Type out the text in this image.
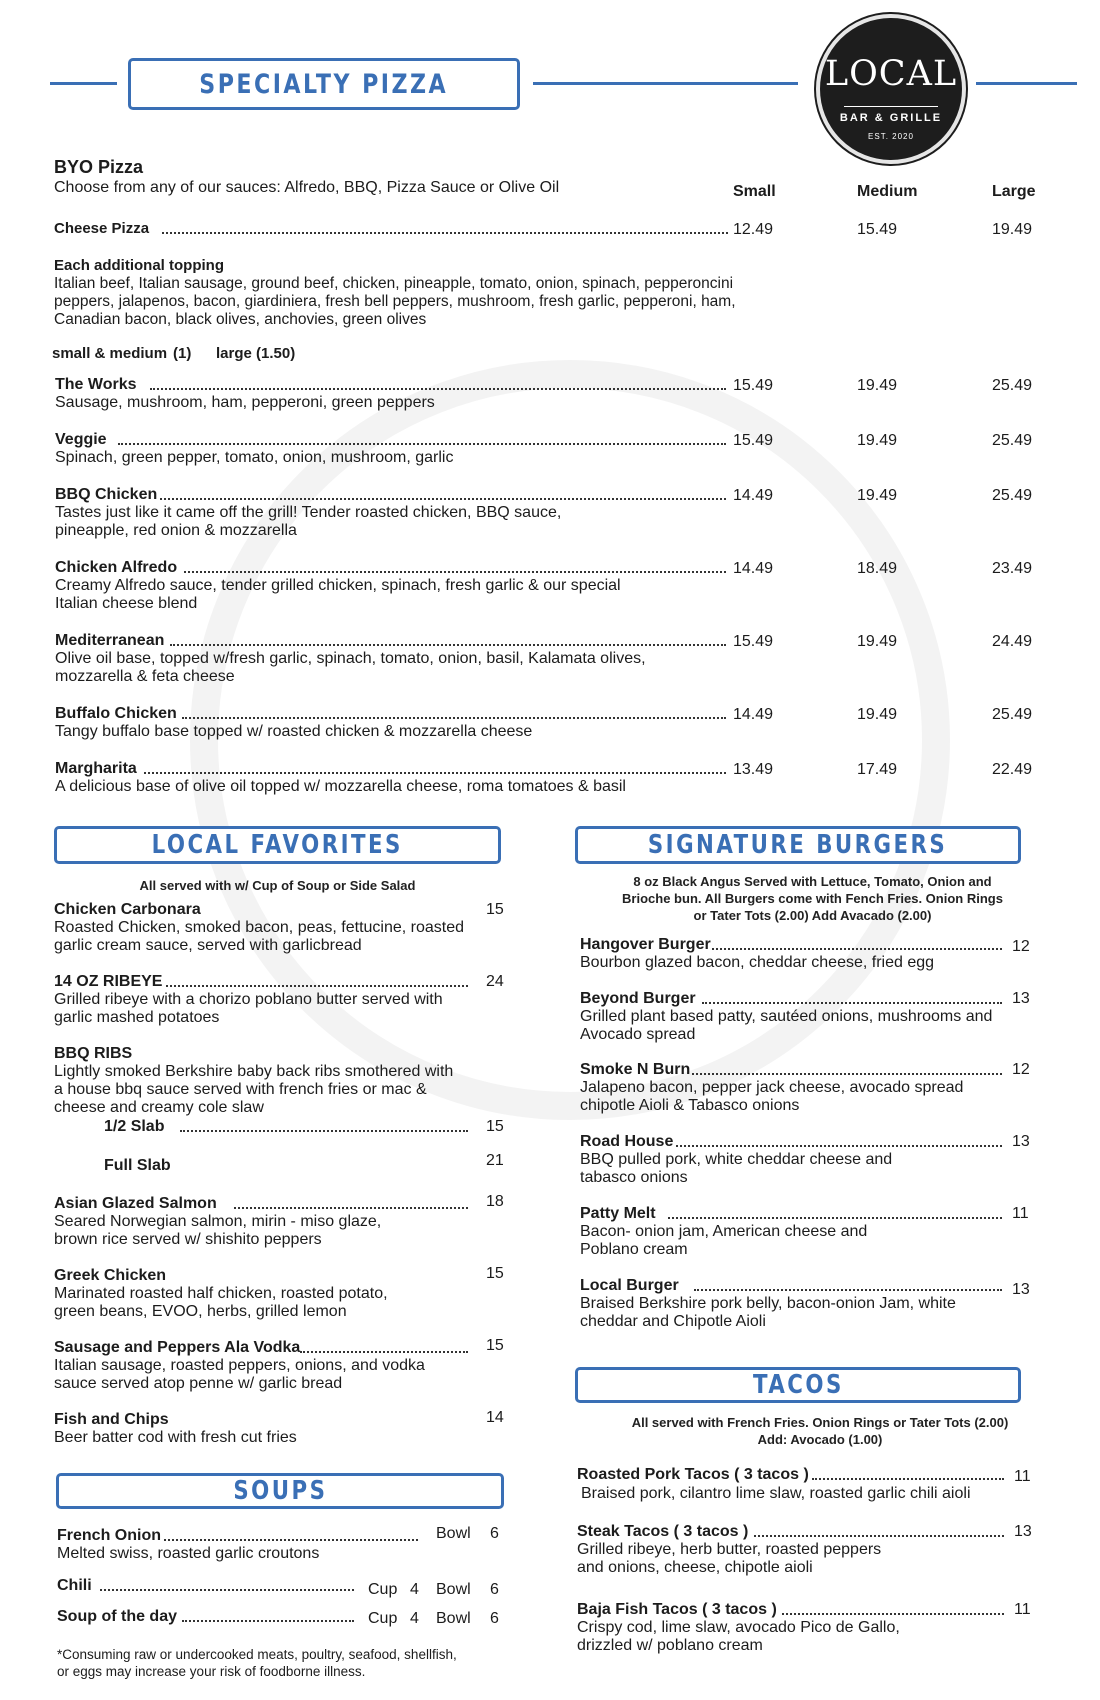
SPECIALTY PIZZA	LOCAL
BAR & GRILLE
EST. 2020
BYO Pizza
Choose from any of our sauces: Alfredo, BBQ, Pizza Sauce or Olive Oil	Small	Medium	Large
Cheese Pizza	12.49	15.49	19.49
Each additional topping
Italian beef, Italian sausage, ground beef, chicken, pineapple, tomato, onion, spinach, pepperoncini peppers, jalapenos, bacon, giardiniera, fresh bell peppers, mushroom, fresh garlic, pepperoni, ham, Canadian bacon, black olives, anchovies, green olives
small & medium (1) large (1.50)
The Works
Sausage, mushroom, ham, pepperoni, green peppers
15.49	19.49	25.49
Veggie
Spinach, green pepper, tomato, onion, mushroom, garlic
15.49	19.49	25.49
BBQ Chicken
Tastes just like it came off the grill! Tender roasted chicken, BBQ sauce, pineapple, red onion & mozzarella
14.49	19.49	25.49
Chicken Alfredo
Creamy Alfredo sauce, tender grilled chicken, spinach, fresh garlic & our special Italian cheese blend
14.49	18.49	23.49
Mediterranean
Olive oil base, topped w/fresh garlic, spinach, tomato, onion, basil, Kalamata olives, mozzarella & feta cheese
15.49	19.49	24.49
Buffalo Chicken
Tangy buffalo base topped w/ roasted chicken & mozzarella cheese
14.49	19.49	25.49
Margharita
A delicious base of olive oil topped w/ mozzarella cheese, roma tomatoes & basil
13.49	17.49	22.49
LOCAL FAVORITES
All served with w/ Cup of Soup or Side Salad
Chicken Carbonara	15
Roasted Chicken, smoked bacon, peas, fettucine, roasted garlic cream sauce, served with garlicbread
14 OZ RIBEYE	24
Grilled ribeye with a chorizo poblano butter served with garlic mashed potatoes
BBQ RIBS
Lightly smoked Berkshire baby back ribs smothered with a house bbq sauce served with french fries or mac & cheese and creamy cole slaw
1/2 Slab	15
Full Slab	21
Asian Glazed Salmon	18
Seared Norwegian salmon, mirin - miso glaze, brown rice served w/ shishito peppers
Greek Chicken	15
Marinated roasted half chicken, roasted potato, green beans, EVOO, herbs, grilled lemon
Sausage and Peppers Ala Vodka	15
Italian sausage, roasted peppers, onions, and vodka sauce served atop penne w/ garlic bread
Fish and Chips	14
Beer batter cod with fresh cut fries
SOUPS
French Onion
Melted swiss, roasted garlic croutons
Bowl 6
Chili	Cup 4 Bowl 6
Soup of the day	Cup 4 Bowl 6
*Consuming raw or undercooked meats, poultry, seafood, shellfish, or eggs may increase your risk of foodborne illness.
SIGNATURE BURGERS
8 oz Black Angus Served with Lettuce, Tomato, Onion and Brioche bun. All Burgers come with Fench Fries. Onion Rings or Tater Tots (2.00) Add Avacado (2.00)
Hangover Burger	12
Bourbon glazed bacon, cheddar cheese, fried egg
Beyond Burger	13
Grilled plant based patty, sautéed onions, mushrooms and Avocado spread
Smoke N Burn	12
Jalapeno bacon, pepper jack cheese, avocado spread chipotle Aioli & Tabasco onions
Road House	13
BBQ pulled pork, white cheddar cheese and tabasco onions
Patty Melt	11
Bacon- onion jam, American cheese and Poblano cream
Local Burger	13
Braised Berkshire pork belly, bacon-onion Jam, white cheddar and Chipotle Aioli
TACOS
All served with French Fries. Onion Rings or Tater Tots (2.00) Add: Avocado (1.00)
Roasted Pork Tacos ( 3 tacos )	11
Braised pork, cilantro lime slaw, roasted garlic chili aioli
Steak Tacos ( 3 tacos )	13
Grilled ribeye, herb butter, roasted peppers and onions, cheese, chipotle aioli
Baja Fish Tacos ( 3 tacos )	11
Crispy cod, lime slaw, avocado Pico de Gallo, drizzled w/ poblano cream
